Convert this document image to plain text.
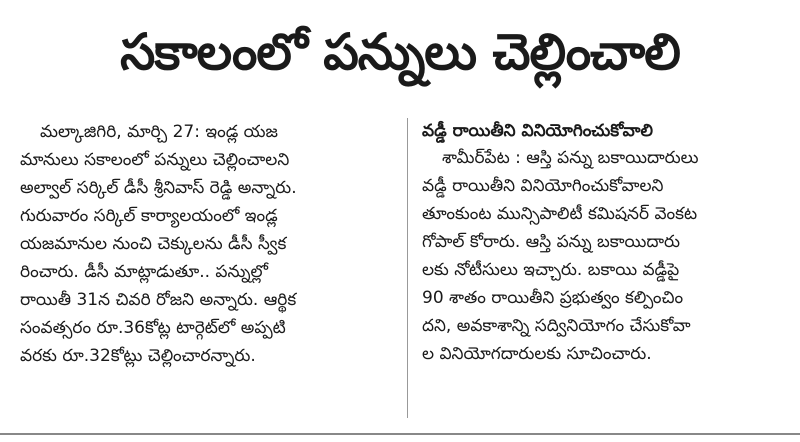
సకాలంలో పన్నులు చెల్లించాలి
మల్కాజిగిరి, మార్చి 27: ఇండ్ల యజ
మానులు సకాలంలో పన్నులు చెల్లించాలని
అల్వాల్ సర్కిల్ డీసీ శ్రీనివాస్ రెడ్డి అన్నారు.
గురువారం సర్కిల్ కార్యాలయంలో ఇండ్ల
యజమానుల నుంచి చెక్కులను డీసీ స్వీక
రించారు. డీసీ మాట్లాడుతూ.. పన్నుల్లో
రాయితీ 31న చివరి రోజని అన్నారు. ఆర్థిక
సంవత్సరం రూ.36కోట్ల టార్గెట్‌లో అప్పటి
వరకు రూ.32కోట్లు చెల్లించారన్నారు.
వడ్డీ రాయితీని వినియోగించుకోవాలి
శామీర్‌పేట : ఆస్తి పన్ను బకాయిదారులు
వడ్డీ రాయితీని వినియోగించుకోవాలని
తూంకుంట మున్సిపాలిటీ కమిషనర్ వెంకట
గోపాల్ కోరారు. ఆస్తి పన్ను బకాయిదారు
లకు నోటీసులు ఇచ్చారు. బకాయి వడ్డీపై
90 శాతం రాయితీని ప్రభుత్వం కల్పించిం
దని, అవకాశాన్ని సద్వినియోగం చేసుకోవా
ల వినియోగదారులకు సూచించారు.
